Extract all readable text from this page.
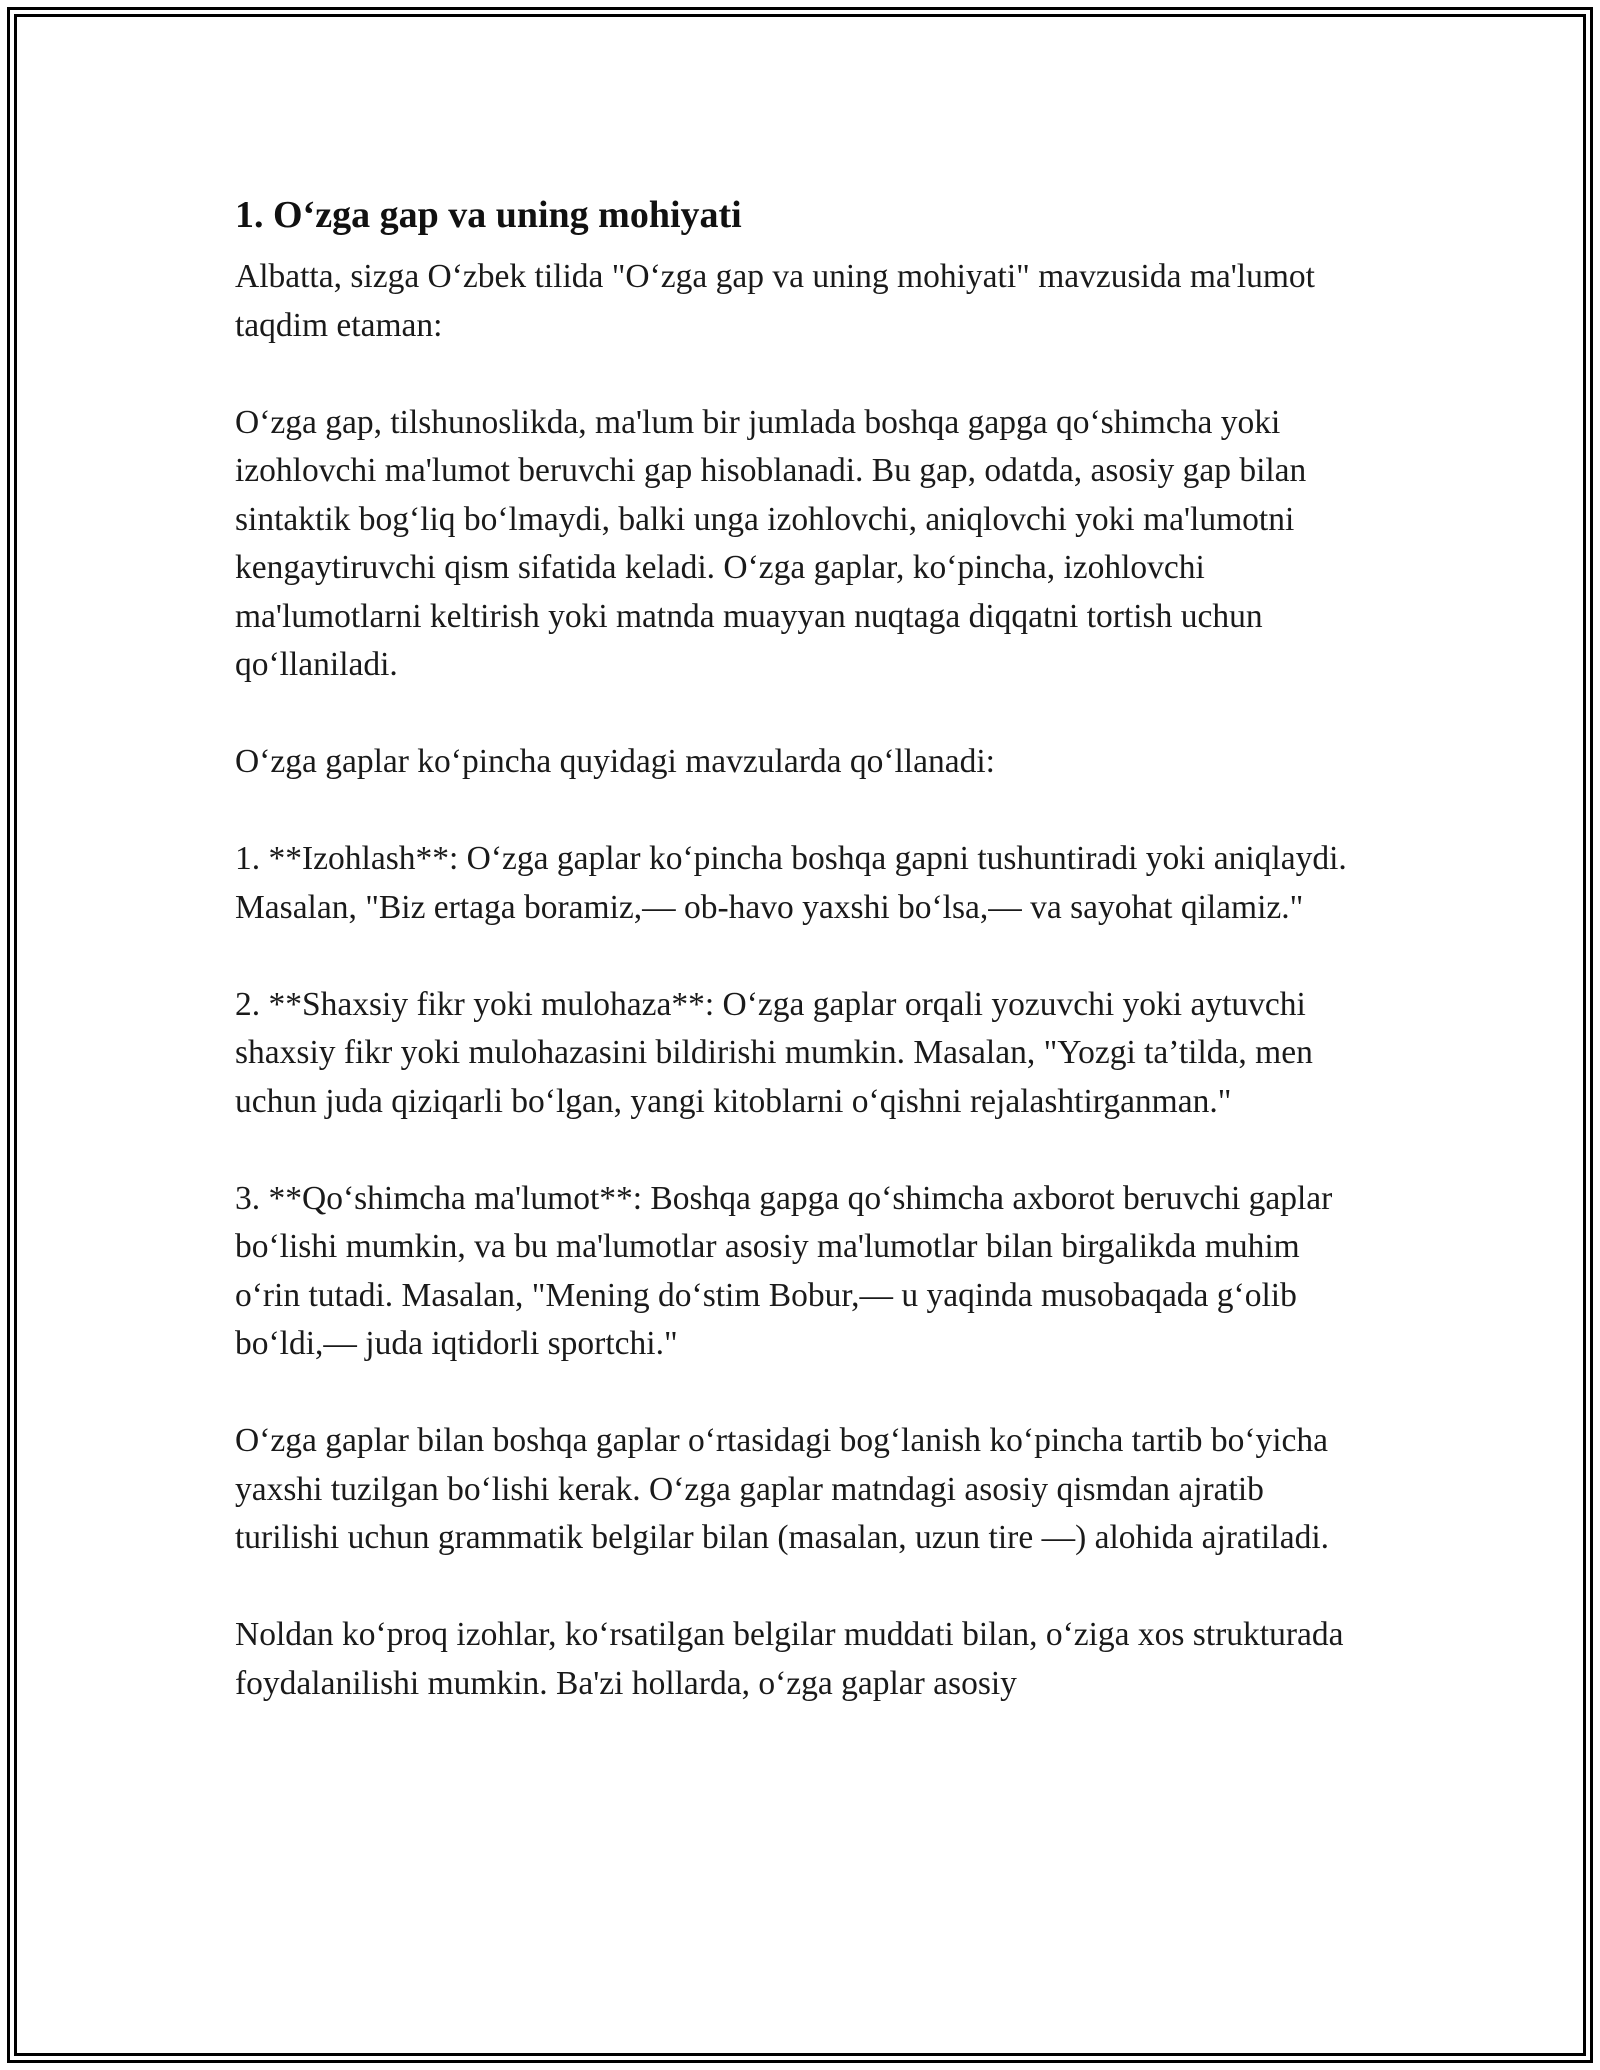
1. O‘zga gap va uning mohiyati

Albatta, sizga O‘zbek tilida "O‘zga gap va uning mohiyati" mavzusida ma'lumot taqdim etaman:

O‘zga gap, tilshunoslikda, ma'lum bir jumlada boshqa gapga qo‘shimcha yoki izohlovchi ma'lumot beruvchi gap hisoblanadi. Bu gap, odatda, asosiy gap bilan sintaktik bog‘liq bo‘lmaydi, balki unga izohlovchi, aniqlovchi yoki ma'lumotni kengaytiruvchi qism sifatida keladi. O‘zga gaplar, ko‘pincha, izohlovchi ma'lumotlarni keltirish yoki matnda muayyan nuqtaga diqqatni tortish uchun qo‘llaniladi.

O‘zga gaplar ko‘pincha quyidagi mavzularda qo‘llanadi:

1. **Izohlash**: O‘zga gaplar ko‘pincha boshqa gapni tushuntiradi yoki aniqlaydi. Masalan, "Biz ertaga boramiz,— ob-havo yaxshi bo‘lsa,— va sayohat qilamiz."

2. **Shaxsiy fikr yoki mulohaza**: O‘zga gaplar orqali yozuvchi yoki aytuvchi shaxsiy fikr yoki mulohazasini bildirishi mumkin. Masalan, "Yozgi ta’tilda, men uchun juda qiziqarli bo‘lgan, yangi kitoblarni o‘qishni rejalashtirganman."

3. **Qo‘shimcha ma'lumot**: Boshqa gapga qo‘shimcha axborot beruvchi gaplar bo‘lishi mumkin, va bu ma'lumotlar asosiy ma'lumotlar bilan birgalikda muhim o‘rin tutadi. Masalan, "Mening do‘stim Bobur,— u yaqinda musobaqada g‘olib bo‘ldi,— juda iqtidorli sportchi."

O‘zga gaplar bilan boshqa gaplar o‘rtasidagi bog‘lanish ko‘pincha tartib bo‘yicha yaxshi tuzilgan bo‘lishi kerak. O‘zga gaplar matndagi asosiy qismdan ajratib turilishi uchun grammatik belgilar bilan (masalan, uzun tire —) alohida ajratiladi.

Noldan ko‘proq izohlar, ko‘rsatilgan belgilar muddati bilan, o‘ziga xos strukturada foydalanilishi mumkin. Ba'zi hollarda, o‘zga gaplar asosiy
